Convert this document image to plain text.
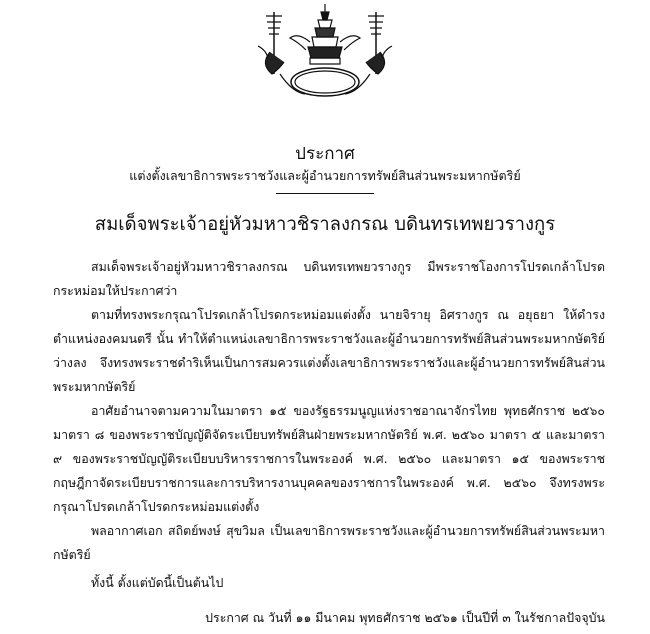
ประกาศ
แต่งตั้งเลขาธิการพระราชวังและผู้อำนวยการทรัพย์สินส่วนพระมหากษัตริย์
สมเด็จพระเจ้าอยู่หัวมหาวชิราลงกรณ บดินทรเทพยวรางกูร

สมเด็จพระเจ้าอยู่หัวมหาวชิราลงกรณ บดินทรเทพยวรางกูร มีพระราชโองการโปรดเกล้าโปรดกระหม่อมให้ประกาศว่า

ตามที่ทรงพระกรุณาโปรดเกล้าโปรดกระหม่อมแต่งตั้ง นายจิรายุ อิศรางกูร ณ อยุธยา ให้ดำรงตำแหน่งองคมนตรี นั้น ทำให้ตำแหน่งเลขาธิการพระราชวังและผู้อำนวยการทรัพย์สินส่วนพระมหากษัตริย์ ว่างลง จึงทรงพระราชดำริเห็นเป็นการสมควรแต่งตั้งเลขาธิการพระราชวังและผู้อำนวยการทรัพย์สินส่วนพระมหากษัตริย์

อาศัยอำนาจตามความในมาตรา ๑๕ ของรัฐธรรมนูญแห่งราชอาณาจักรไทย พุทธศักราช ๒๕๖๐ มาตรา ๘ ของพระราชบัญญัติจัดระเบียบทรัพย์สินฝ่ายพระมหากษัตริย์ พ.ศ. ๒๕๖๐ มาตรา ๕ และมาตรา ๙ ของพระราชบัญญัติระเบียบบริหารราชการในพระองค์ พ.ศ. ๒๕๖๐ และมาตรา ๑๕ ของพระราชกฤษฎีกาจัดระเบียบราชการและการบริหารงานบุคคลของราชการในพระองค์ พ.ศ. ๒๕๖๐ จึงทรงพระกรุณาโปรดเกล้าโปรดกระหม่อมแต่งตั้ง

พลอากาศเอก สถิตย์พงษ์ สุขวิมล เป็นเลขาธิการพระราชวังและผู้อำนวยการทรัพย์สินส่วนพระมหากษัตริย์

ทั้งนี้ ตั้งแต่บัดนี้เป็นต้นไป

ประกาศ ณ วันที่ ๑๑ มีนาคม พุทธศักราช ๒๕๖๑ เป็นปีที่ ๓ ในรัชกาลปัจจุบัน
